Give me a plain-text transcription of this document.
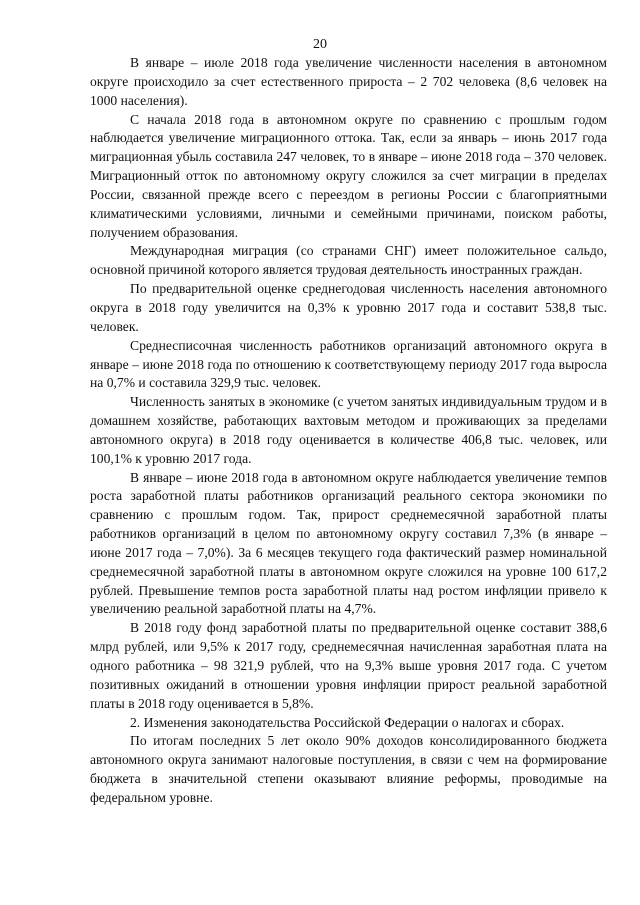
20

В январе – июле 2018 года увеличение численности населения в автономном округе происходило за счет естественного прироста – 2 702 человека (8,6 человек на 1000 населения).

С начала 2018 года в автономном округе по сравнению с прошлым годом наблюдается увеличение миграционного оттока. Так, если за январь – июнь 2017 года миграционная убыль составила 247 человек, то в январе – июне 2018 года – 370 человек. Миграционный отток по автономному округу сложился за счет миграции в пределах России, связанной прежде всего с переездом в регионы России с благоприятными климатическими условиями, личными и семейными причинами, поиском работы, получением образования.

Международная миграция (со странами СНГ) имеет положительное сальдо, основной причиной которого является трудовая деятельность иностранных граждан.

По предварительной оценке среднегодовая численность населения автономного округа в 2018 году увеличится на 0,3% к уровню 2017 года и составит 538,8 тыс. человек.

Среднесписочная численность работников организаций автономного округа в январе – июне 2018 года по отношению к соответствующему периоду 2017 года выросла на 0,7% и составила 329,9 тыс. человек.

Численность занятых в экономике (с учетом занятых индивидуальным трудом и в домашнем хозяйстве, работающих вахтовым методом и проживающих за пределами автономного округа) в 2018 году оценивается в количестве 406,8 тыс. человек, или 100,1% к уровню 2017 года.

В январе – июне 2018 года в автономном округе наблюдается увеличение темпов роста заработной платы работников организаций реального сектора экономики по сравнению с прошлым годом. Так, прирост среднемесячной заработной платы работников организаций в целом по автономному округу составил 7,3% (в январе – июне 2017 года – 7,0%). За 6 месяцев текущего года фактический размер номинальной среднемесячной заработной платы в автономном округе сложился на уровне 100 617,2 рублей. Превышение темпов роста заработной платы над ростом инфляции привело к увеличению реальной заработной платы на 4,7%.

В 2018 году фонд заработной платы по предварительной оценке составит 388,6 млрд рублей, или 9,5% к 2017 году, среднемесячная начисленная заработная плата на одного работника – 98 321,9 рублей, что на 9,3% выше уровня 2017 года. С учетом позитивных ожиданий в отношении уровня инфляции прирост реальной заработной платы в 2018 году оценивается в 5,8%.

2. Изменения законодательства Российской Федерации о налогах и сборах.

По итогам последних 5 лет около 90% доходов консолидированного бюджета автономного округа занимают налоговые поступления, в связи с чем на формирование бюджета в значительной степени оказывают влияние реформы, проводимые на федеральном уровне.
